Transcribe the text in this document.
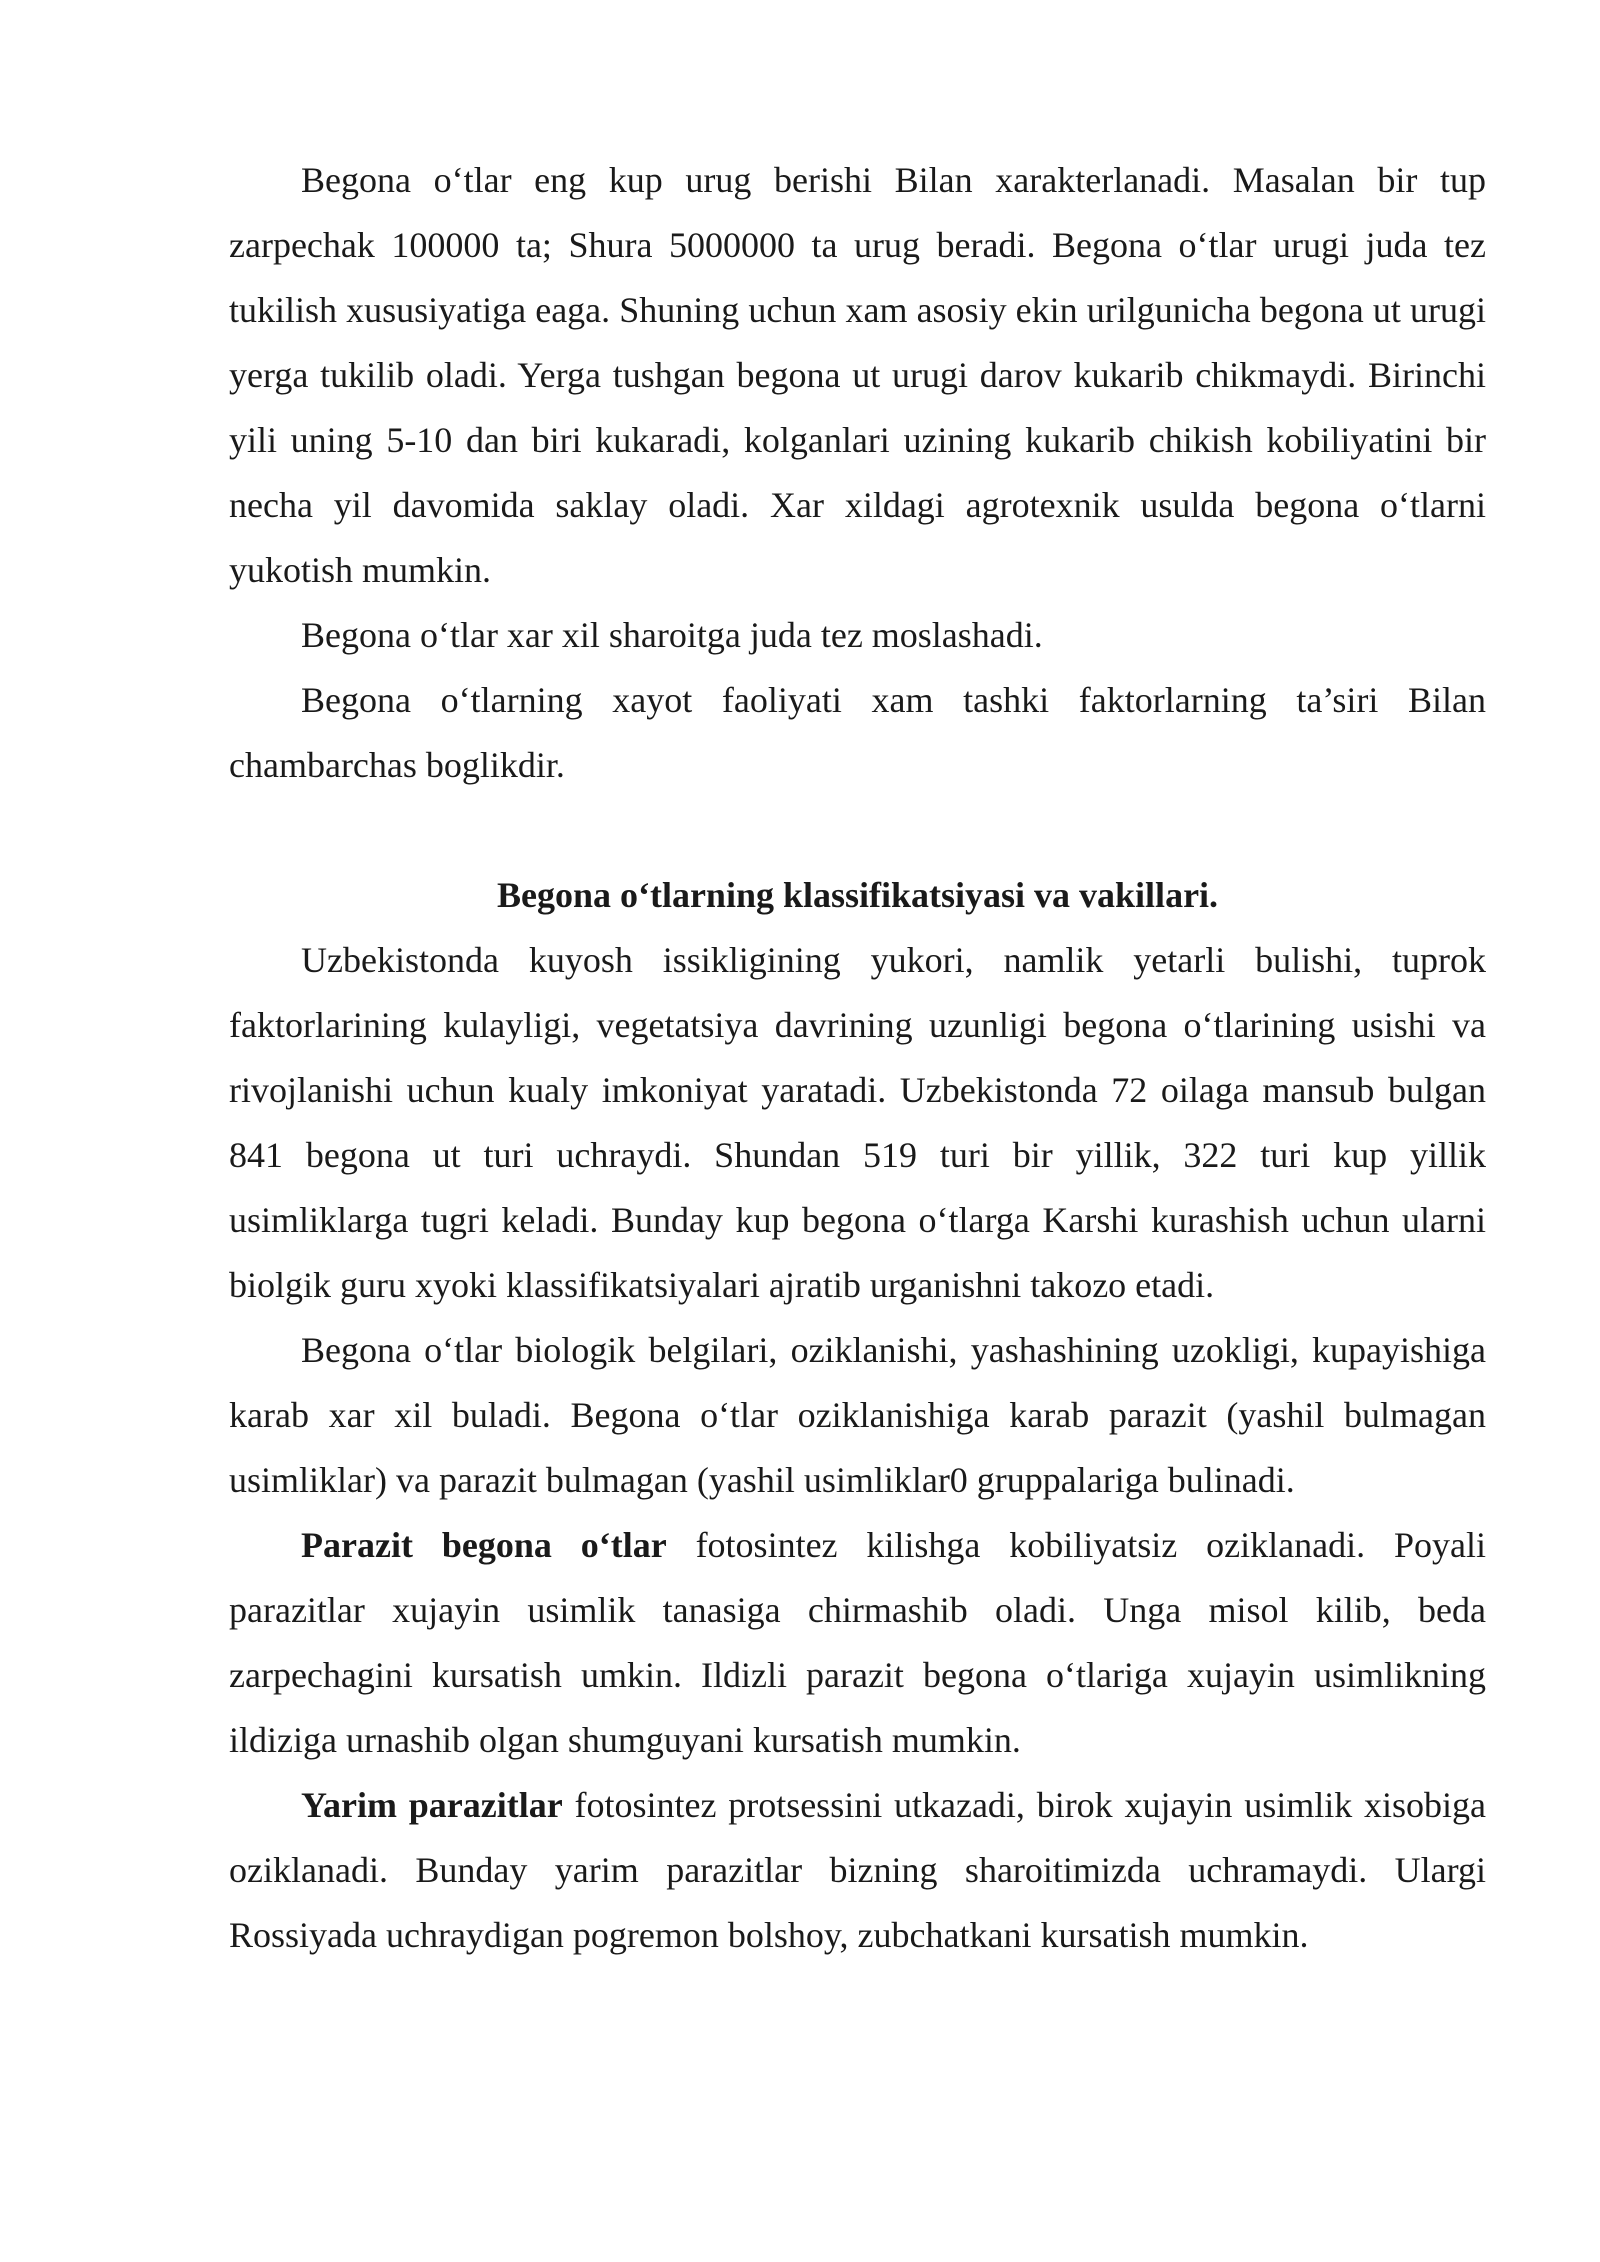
Begona o‘tlar eng kup urug berishi Bilan xarakterlanadi. Masalan bir tup zarpechak 100000 ta; Shura 5000000 ta urug beradi. Begona o‘tlar urugi juda tez tukilish xususiyatiga eaga. Shuning uchun xam asosiy ekin urilgunicha begona ut urugi yerga tukilib oladi. Yerga tushgan begona ut urugi darov kukarib chikmaydi. Birinchi yili uning 5-10 dan biri kukaradi, kolganlari uzining kukarib chikish kobiliyatini bir necha yil davomida saklay oladi. Xar xildagi agrotexnik usulda begona o‘tlarni yukotish mumkin.

Begona o‘tlar xar xil sharoitga juda tez moslashadi.

Begona o‘tlarning xayot faoliyati xam tashki faktorlarning ta’siri Bilan chambarchas boglikdir.

Begona o‘tlarning klassifikatsiyasi va vakillari.

Uzbekistonda kuyosh issikligining yukori, namlik yetarli bulishi, tuprok faktorlarining kulayligi, vegetatsiya davrining uzunligi begona o‘tlarining usishi va rivojlanishi uchun kualy imkoniyat yaratadi. Uzbekistonda 72 oilaga mansub bulgan 841 begona ut turi uchraydi. Shundan 519 turi bir yillik, 322 turi kup yillik usimliklarga tugri keladi. Bunday kup begona o‘tlarga Karshi kurashish uchun ularni biolgik guru xyoki klassifikatsiyalari ajratib urganishni takozo etadi.

Begona o‘tlar biologik belgilari, oziklanishi, yashashining uzokligi, kupayishiga karab xar xil buladi. Begona o‘tlar oziklanishiga karab parazit (yashil bulmagan usimliklar) va parazit bulmagan (yashil usimliklar0 gruppalariga bulinadi.

Parazit begona o‘tlar fotosintez kilishga kobiliyatsiz oziklanadi. Poyali parazitlar xujayin usimlik tanasiga chirmashib oladi. Unga misol kilib, beda zarpechagini kursatish umkin. Ildizli parazit begona o‘tlariga xujayin usimlikning ildiziga urnashib olgan shumguyani kursatish mumkin.

Yarim parazitlar fotosintez protsessini utkazadi, birok xujayin usimlik xisobiga oziklanadi. Bunday yarim parazitlar bizning sharoitimizda uchramaydi. Ulargi Rossiyada uchraydigan pogremon bolshoy, zubchatkani kursatish mumkin.
